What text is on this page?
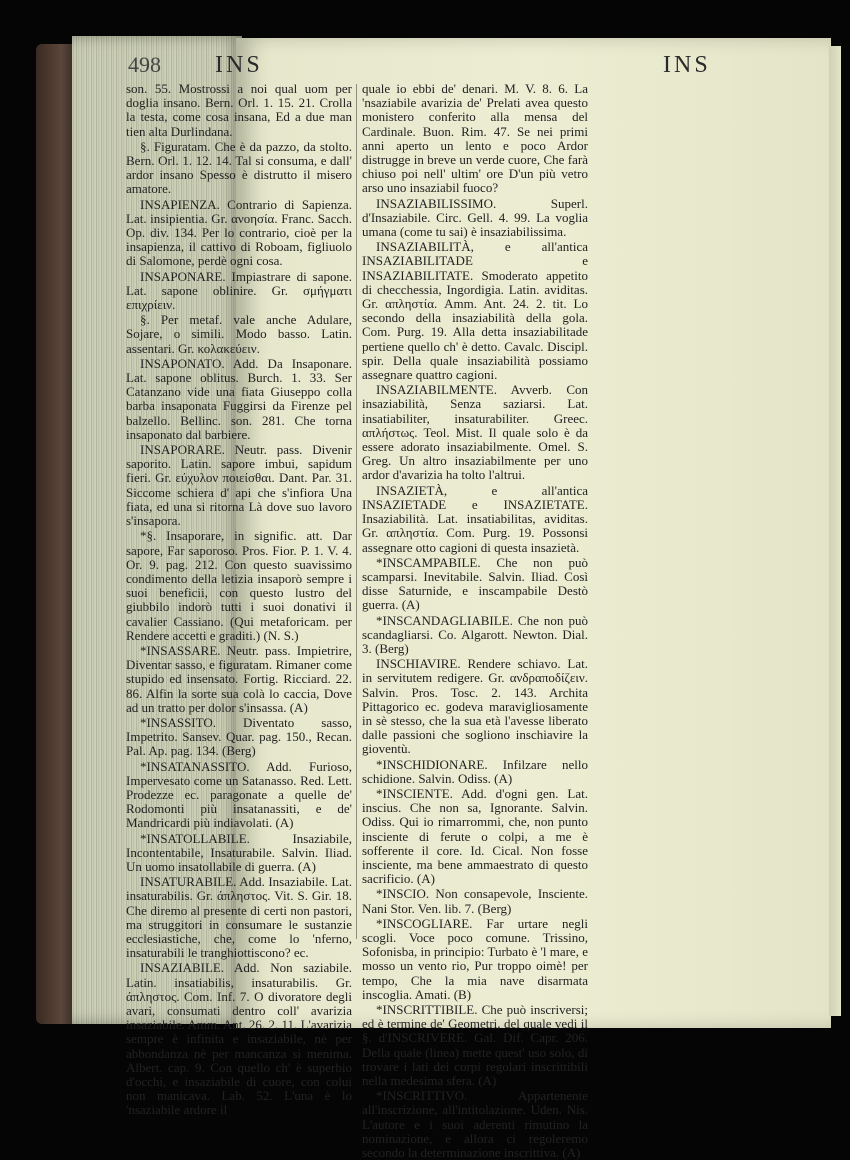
498 INS	INS

son. 55. Mostrossi a noi qual uom per doglia insano. Bern. Orl. 1. 15. 21. Crolla la testa, come cosa insana, Ed a due man tien alta Durlindana.

§. Figuratam. Che è da pazzo, da stolto. Bern. Orl. 1. 12. 14. Tal si consuma, e dall' ardor insano Spesso è distrutto il misero amatore.

INSAPIENZA. Contrario di Sapienza. Lat. insipientia. Gr. ανοησία. Franc. Sacch. Op. div. 134. Per lo contrario, cioè per la insapienza, il cattivo di Roboam, figliuolo di Salomone, perdè ogni cosa.

INSAPONARE. Impiastrare di sapone. Lat. sapone oblinire. Gr. σμήγματι επιχρίειν.

§. Per metaf. vale anche Adulare, Sojare, o simili. Modo basso. Latin. assentari. Gr. κολακεύειν.

INSAPONATO. Add. Da Insaponare. Lat. sapone oblitus. Burch. 1. 33. Ser Catanzano vide una fiata Giuseppo colla barba insaponata Fuggirsi da Firenze pel balzello. Bellinc. son. 281. Che torna insaponato dal barbiere.

INSAPORARE. Neutr. pass. Divenir saporito. Latin. sapore imbui, sapidum fieri. Gr. εύχυλον ποιείσθαι. Dant. Par. 31. Siccome schiera d' api che s'infiora Una fiata, ed una si ritorna Là dove suo lavoro s'insapora.

*§. Insaporare, in signific. att. Dar sapore, Far saporoso. Pros. Fior. P. 1. V. 4. Or. 9. pag. 212. Con questo suavissimo condimento della letizia insaporò sempre i suoi beneficii, con questo lustro del giubbilo indorò tutti i suoi donativi il cavalier Cassiano. (Qui metaforicam. per Rendere accetti e graditi.) (N. S.)

*INSASSARE. Neutr. pass. Impietrire, Diventar sasso, e figuratam. Rimaner come stupido ed insensato. Fortig. Ricciard. 22. 86. Alfin la sorte sua colà lo caccia, Dove ad un tratto per dolor s'insassa. (A)

*INSASSITO. Diventato sasso, Impetrito. Sansev. Quar. pag. 150., Recan. Pal. Ap. pag. 134. (Berg)

*INSATANASSITO. Add. Furioso, Impervesato come un Satanasso. Red. Lett. Prodezze ec. paragonate a quelle de' Rodomonti più insatanassiti, e de' Mandricardi più indiavolati. (A)

*INSATOLLABILE. Insaziabile, Incontentabile, Insaturabile. Salvin. Iliad. Un uomo insatollabile di guerra. (A)

INSATURABILE. Add. Insaziabile. Lat. insaturabilis. Gr. άπληστος. Vit. S. Gir. 18. Che diremo al presente di certi non pastori, ma struggitori in consumare le sustanzie ecclesiastiche, che, come lo 'nferno, insaturabili le tranghiottiscono? ec.

INSAZIABILE. Add. Non saziabile. Latin. insatiabilis, insaturabilis. Gr. άπληστος. Com. Inf. 7. O divoratore degli avari, consumati dentro coll' avarizia insaziabile. Amm. Ant. 26. 2. 11. L'avarizia sempre è infinita e insaziabile, nè per abbondanza nè per mancanza si menima. Albert. cap. 9. Con quello ch' è superbio d'occhi, e insaziabile di cuore, con colui non manicava. Lab. 52. L'una è lo 'nsaziabile ardore il

quale io ebbi de' denari. M. V. 8. 6. La 'nsaziabile avarizia de' Prelati avea questo monistero conferito alla mensa del Cardinale. Buon. Rim. 47. Se nei primi anni aperto un lento e poco Ardor distrugge in breve un verde cuore, Che farà chiuso poi nell' ultim' ore D'un più vetro arso uno insaziabil fuoco?

INSAZIABILISSIMO. Superl. d'Insaziabile. Circ. Gell. 4. 99. La voglia umana (come tu sai) è insaziabilissima.

INSAZIABILITÀ, e all'antica INSAZIABILITADE e INSAZIABILITATE. Smoderato appetito di checchessia, Ingordigia. Latin. aviditas. Gr. απληστία. Amm. Ant. 24. 2. tit. Lo secondo della insaziabilità della gola. Com. Purg. 19. Alla detta insaziabilitade pertiene quello ch' è detto. Cavalc. Discipl. spir. Della quale insaziabilità possiamo assegnare quattro cagioni.

INSAZIABILMENTE. Avverb. Con insaziabilità, Senza saziarsi. Lat. insatiabiliter, insaturabiliter. Greec. απλήστως. Teol. Mist. Il quale solo è da essere adorato insaziabilmente. Omel. S. Greg. Un altro insaziabilmente per uno ardor d'avarizia ha tolto l'altrui.

INSAZIETÀ, e all'antica INSAZIETADE e INSAZIETATE. Insaziabilità. Lat. insatiabilitas, aviditas. Gr. απληστία. Com. Purg. 19. Possonsi assegnare otto cagioni di questa insazietà.

*INSCAMPABILE. Che non può scamparsi. Inevitabile. Salvin. Iliad. Così disse Saturnide, e inscampabile Destò guerra. (A)

*INSCANDAGLIABILE. Che non può scandagliarsi. Co. Algarott. Newton. Dial. 3. (Berg)

INSCHIAVIRE. Rendere schiavo. Lat. in servitutem redigere. Gr. ανδραποδίζειν. Salvin. Pros. Tosc. 2. 143. Archita Pittagorico ec. godeva maravigliosamente in sè stesso, che la sua età l'avesse liberato dalle passioni che sogliono inschiavire la gioventù.

*INSCHIDIONARE. Infilzare nello schidione. Salvin. Odiss. (A)

*INSCIENTE. Add. d'ogni gen. Lat. inscius. Che non sa, Ignorante. Salvin. Odiss. Qui io rimarrommi, che, non punto insciente di ferute o colpi, a me è sofferente il core. Id. Cical. Non fosse insciente, ma bene ammaestrato di questo sacrificio. (A)

*INSCIO. Non consapevole, Insciente. Nani Stor. Ven. lib. 7. (Berg)

*INSCOGLIARE. Far urtare negli scogli. Voce poco comune. Trissino, Sofonisba, in principio: Turbato è 'l mare, e mosso un vento rio, Pur troppo oimè! per tempo, Che la mia nave disarmata inscoglia. Amati. (B)

*INSCRITTIBILE. Che può inscriversi; ed è termine de' Geometri, del quale vedi il §. d'INSCRIVERE. Gal. Dif. Capr. 206. Della quale (linea) mette quest' uso solo, di trovare i lati dei corpi regolari inscrittibili nella medesima sfera. (A)

*INSCRITTIVO. Appartenente all'inscrizione, all'intitolazione. Uden. Nis. L'autore e i suoi aderenti rimutino la nominazione, e allora ci regoleremo secondo la determinazione inscrittiva. (A)
